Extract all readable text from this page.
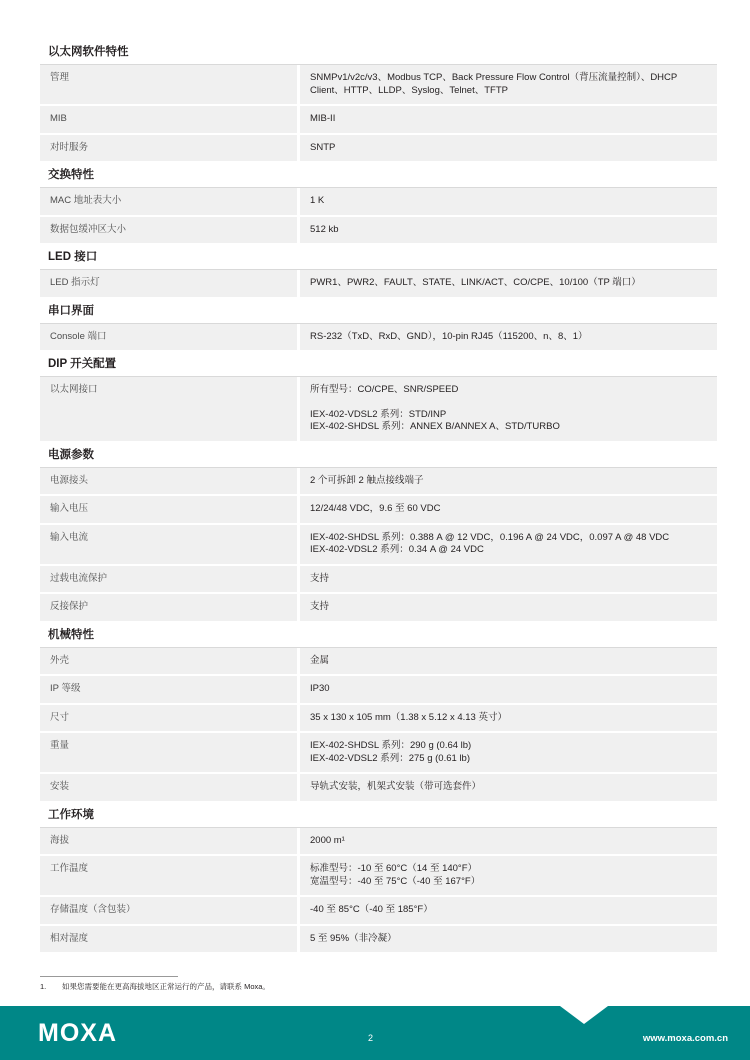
以太网软件特性
管理	SNMPv1/v2c/v3、Modbus TCP、Back Pressure Flow Control（背压流量控制）、DHCP
Client、HTTP、LLDP、Syslog、Telnet、TFTP
MIB	MIB-II
对时服务	SNTP
交换特性
MAC 地址表大小	1 K
数据包缓冲区大小	512 kb
LED 接口
LED 指示灯	PWR1、PWR2、FAULT、STATE、LINK/ACT、CO/CPE、10/100（TP 端口）
串口界面
Console 端口	RS-232（TxD、RxD、GND），10-pin RJ45（115200、n、8、1）
DIP 开关配置
以太网接口	所有型号：CO/CPE、SNR/SPEED
IEX-402-VDSL2 系列：STD/INP
IEX-402-SHDSL 系列：ANNEX B/ANNEX A、STD/TURBO
电源参数
电源接头	2 个可拆卸 2 触点接线端子
输入电压	12/24/48 VDC，9.6 至 60 VDC
输入电流	IEX-402-SHDSL 系列：0.388 A @ 12 VDC，0.196 A @ 24 VDC，0.097 A @ 48 VDC
IEX-402-VDSL2 系列：0.34 A @ 24 VDC
过载电流保护	支持
反接保护	支持
机械特性
外壳	金属
IP 等级	IP30
尺寸	35 x 130 x 105 mm（1.38 x 5.12 x 4.13 英寸）
重量	IEX-402-SHDSL 系列：290 g (0.64 lb)
IEX-402-VDSL2 系列：275 g (0.61 lb)
安装	导轨式安装，机架式安装（带可选套件）
工作环境
海拔	2000 m¹
工作温度	标准型号：-10 至 60°C（14 至 140°F）
宽温型号：-40 至 75°C（-40 至 167°F）
存储温度（含包装）	-40 至 85°C（-40 至 185°F）
相对湿度	5 至 95%（非冷凝）
1. 如果您需要能在更高海拔地区正常运行的产品，请联系 Moxa。
MOXA	2	www.moxa.com.cn
